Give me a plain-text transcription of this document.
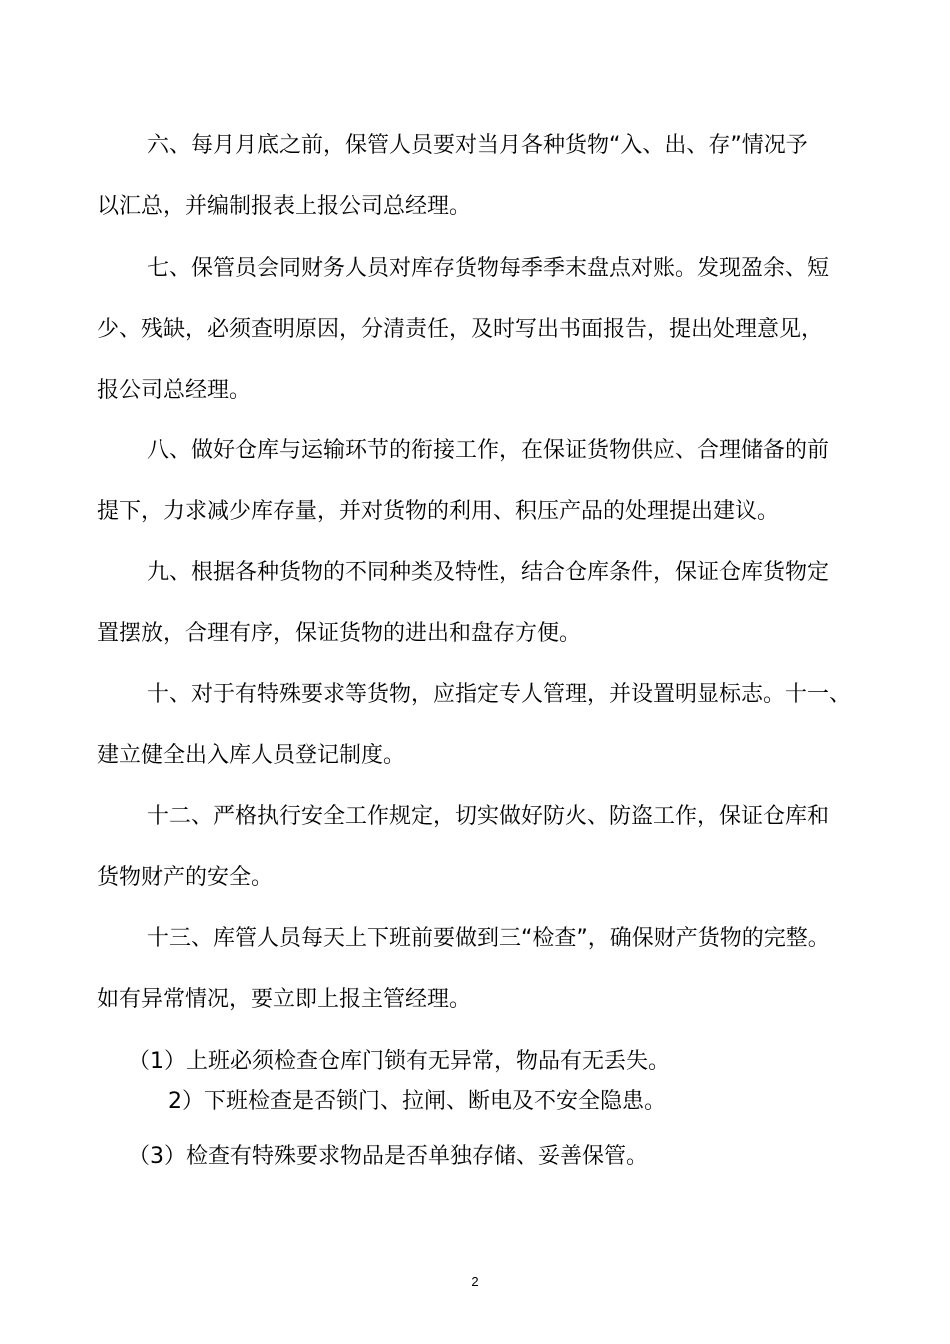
六、每月月底之前，保管人员要对当月各种货物“入、出、存”情况予
以汇总，并编制报表上报公司总经理。
七、保管员会同财务人员对库存货物每季季末盘点对账。发现盈余、短
少、残缺，必须查明原因，分清责任，及时写出书面报告，提出处理意见，
报公司总经理。
八、做好仓库与运输环节的衔接工作，在保证货物供应、合理储备的前
提下，力求减少库存量，并对货物的利用、积压产品的处理提出建议。
九、根据各种货物的不同种类及特性，结合仓库条件，保证仓库货物定
置摆放，合理有序，保证货物的进出和盘存方便。
十、对于有特殊要求等货物，应指定专人管理，并设置明显标志。十一、
建立健全出入库人员登记制度。
十二、严格执行安全工作规定，切实做好防火、防盗工作，保证仓库和
货物财产的安全。
十三、库管人员每天上下班前要做到三“检查”，确保财产货物的完整。
如有异常情况，要立即上报主管经理。
（1）上班必须检查仓库门锁有无异常，物品有无丢失。
2）下班检查是否锁门、拉闸、断电及不安全隐患。
（3）检查有特殊要求物品是否单独存储、妥善保管。
2
